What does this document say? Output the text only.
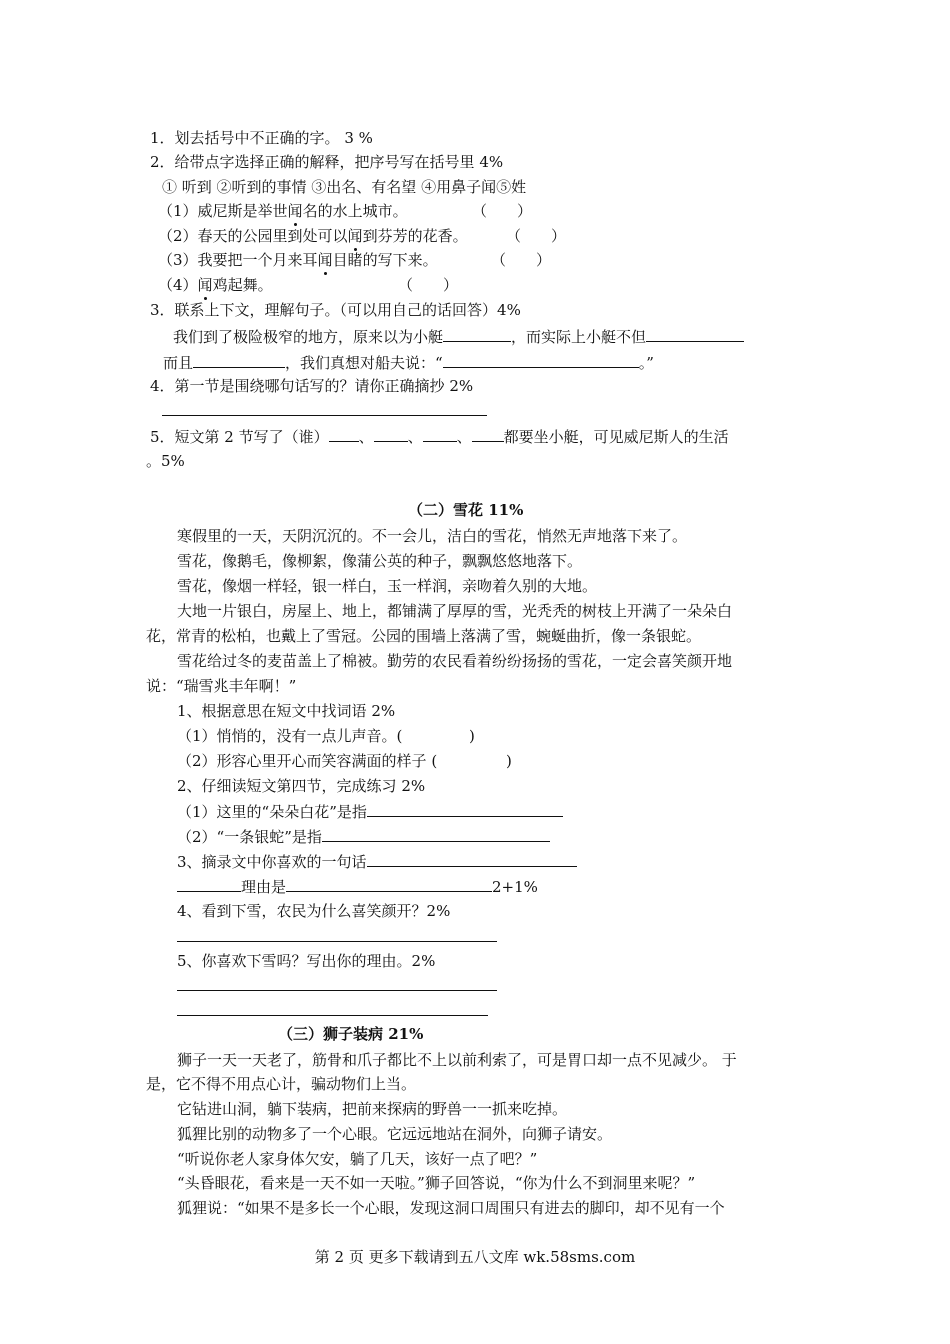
1．划去括号中不正确的字。 3 %
2．给带点字选择正确的解释，把序号写在括号里 4%
① 听到 ②听到的事情 ③出名、有名望 ④用鼻子闻⑤姓
（1）威尼斯是举世闻名的水上城市。	（　　）
（2）春天的公园里到处可以闻到芬芳的花香。	（　　）
（3）我要把一个月来耳闻目睹的写下来。	（　　）
（4）闻鸡起舞。	（　　）
3．联系上下文，理解句子。（可以用自己的话回答）4%
我们到了极险极窄的地方，原来以为小艇	，而实际上小艇不但
而且	，我们真想对船夫说：“	。”
4．第一节是围绕哪句话写的？请你正确摘抄 2%
5．短文第 2 节写了（谁） 、 、 、 都要坐小艇，可见威尼斯人的生活
。5%
（二）雪花 11%
寒假里的一天，天阴沉沉的。不一会儿，洁白的雪花，悄然无声地落下来了。
雪花，像鹅毛，像柳絮，像蒲公英的种子，飘飘悠悠地落下。
雪花，像烟一样轻，银一样白，玉一样润，亲吻着久别的大地。
大地一片银白，房屋上、地上，都铺满了厚厚的雪，光秃秃的树枝上开满了一朵朵白
花，常青的松柏，也戴上了雪冠。公园的围墙上落满了雪，蜿蜒曲折，像一条银蛇。
雪花给过冬的麦苗盖上了棉被。勤劳的农民看着纷纷扬扬的雪花，一定会喜笑颜开地
说：“瑞雪兆丰年啊！”
1、根据意思在短文中找词语 2%
（1）悄悄的，没有一点儿声音。(	)
（2）形容心里开心而笑容满面的样子 (	)
2、仔细读短文第四节，完成练习 2%
（1）这里的“朵朵白花”是指
（2）“一条银蛇”是指
3、摘录文中你喜欢的一句话
理由是	2+1%
4、看到下雪，农民为什么喜笑颜开？2%
5、你喜欢下雪吗？写出你的理由。2%
（三）狮子装病 21%
狮子一天一天老了，筋骨和爪子都比不上以前利索了，可是胃口却一点不见减少。 于
是，它不得不用点心计，骗动物们上当。
它钻进山洞，躺下装病，把前来探病的野兽一一抓来吃掉。
狐狸比别的动物多了一个心眼。它远远地站在洞外，向狮子请安。
“听说你老人家身体欠安，躺了几天，该好一点了吧？”
“头昏眼花，看来是一天不如一天啦。”狮子回答说，“你为什么不到洞里来呢？”
狐狸说：“如果不是多长一个心眼，发现这洞口周围只有进去的脚印，却不见有一个
第 2 页 更多下载请到五八文库 wk.58sms.com
